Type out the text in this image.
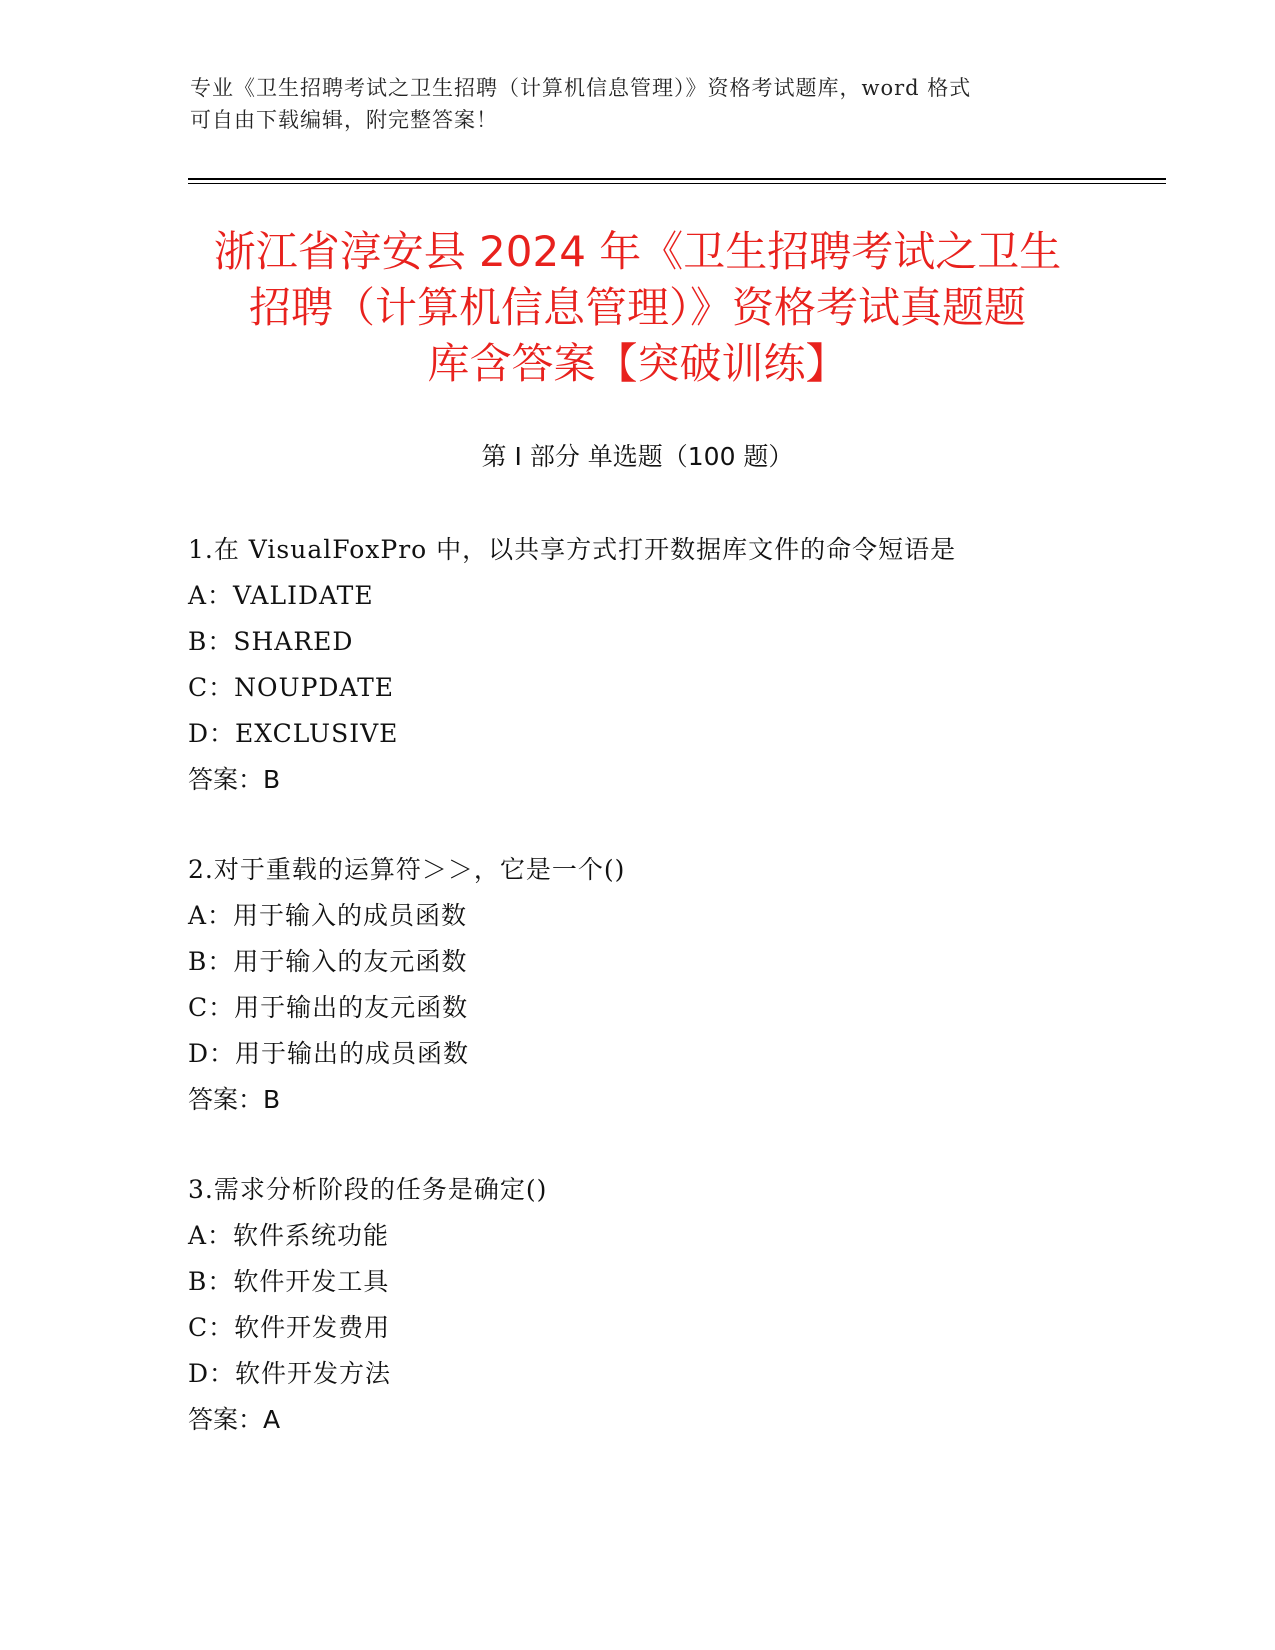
专业《卫生招聘考试之卫生招聘（计算机信息管理）》资格考试题库，word 格式
可自由下载编辑，附完整答案！
浙江省淳安县 2024 年《卫生招聘考试之卫生
招聘（计算机信息管理）》资格考试真题题
库含答案【突破训练】
第 I 部分 单选题（100 题）
1.在 VisualFoxPro 中，以共享方式打开数据库文件的命令短语是
A：VALIDATE
B：SHARED
C：NOUPDATE
D：EXCLUSIVE
答案：B
2.对于重载的运算符＞＞，它是一个()
A：用于输入的成员函数
B：用于输入的友元函数
C：用于输出的友元函数
D：用于输出的成员函数
答案：B
3.需求分析阶段的任务是确定()
A：软件系统功能
B：软件开发工具
C：软件开发费用
D：软件开发方法
答案：A
